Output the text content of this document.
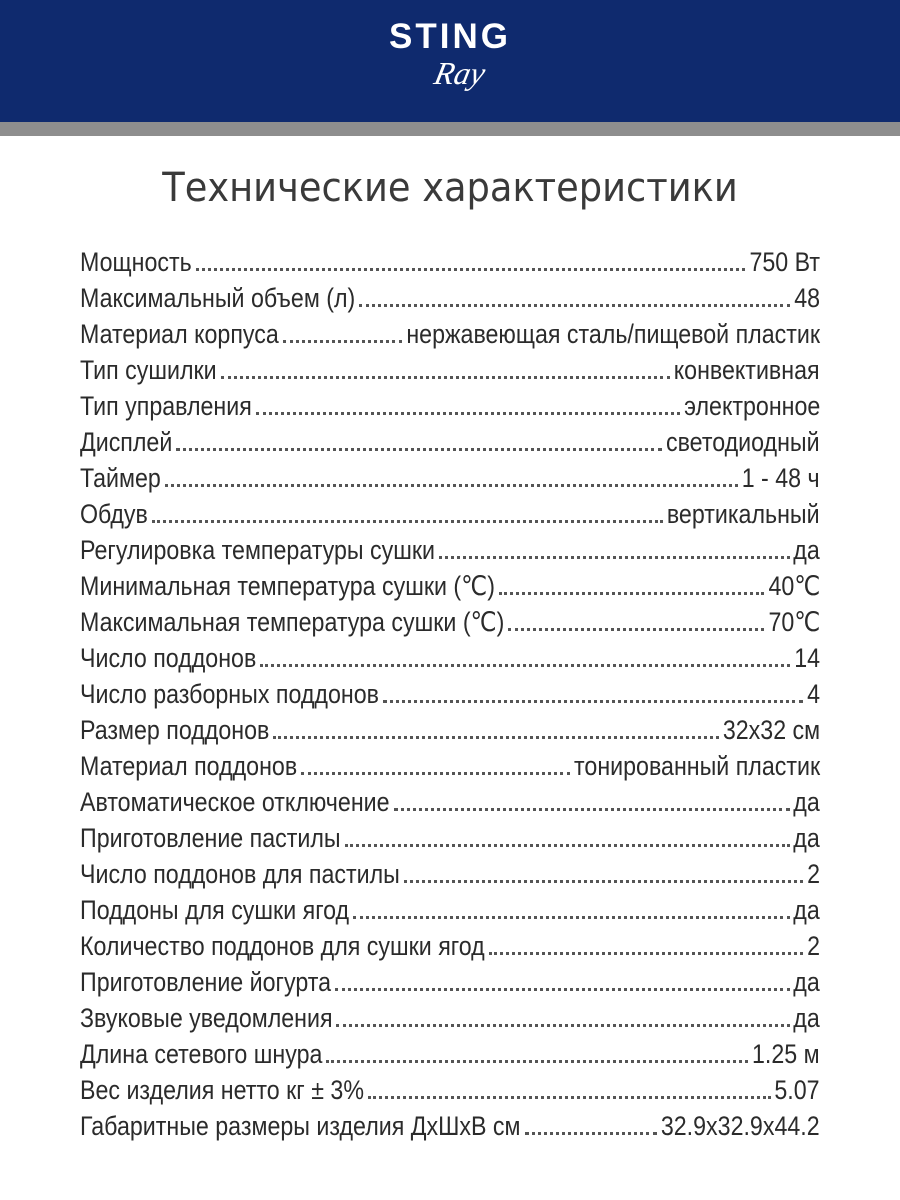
STING
Ray
Технические характеристики
Мощность	750 Вт
Максимальный объем (л)	48
Материал корпуса	нержавеющая сталь/пищевой пластик
Тип сушилки	конвективная
Тип управления	электронное
Дисплей	светодиодный
Таймер	1 - 48 ч
Обдув	вертикальный
Регулировка температуры сушки	да
Минимальная температура сушки (℃)	40℃
Максимальная температура сушки (℃)	70℃
Число поддонов	14
Число разборных поддонов	4
Размер поддонов	32х32 см
Материал поддонов	тонированный пластик
Автоматическое отключение	да
Приготовление пастилы	да
Число поддонов для пастилы	2
Поддоны для сушки ягод	да
Количество поддонов для сушки ягод	2
Приготовление йогурта	да
Звуковые уведомления	да
Длина сетевого шнура	1.25 м
Вес изделия нетто кг ± 3%	5.07
Габаритные размеры изделия ДхШхВ см	32.9х32.9х44.2
